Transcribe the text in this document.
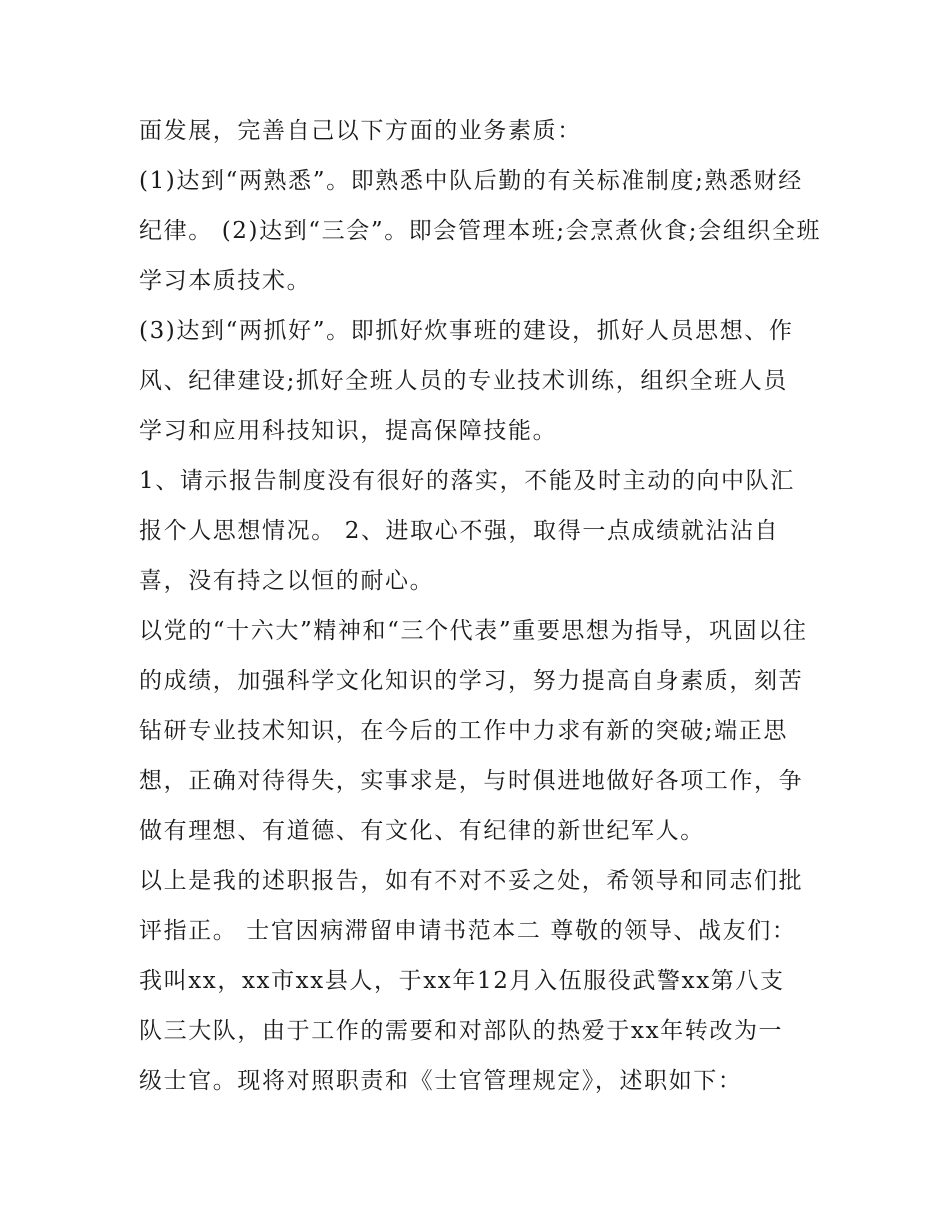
面发展，完善自己以下方面的业务素质：
(1)达到“两熟悉”。即熟悉中队后勤的有关标准制度;熟悉财经
纪律。 (2)达到“三会”。即会管理本班;会烹煮伙食;会组织全班
学习本质技术。
(3)达到“两抓好”。即抓好炊事班的建设，抓好人员思想、作
风、纪律建设;抓好全班人员的专业技术训练，组织全班人员
学习和应用科技知识，提高保障技能。
1、请示报告制度没有很好的落实，不能及时主动的向中队汇
报个人思想情况。 2、进取心不强，取得一点成绩就沾沾自
喜，没有持之以恒的耐心。
以党的“十六大”精神和“三个代表”重要思想为指导，巩固以往
的成绩，加强科学文化知识的学习，努力提高自身素质，刻苦
钻研专业技术知识，在今后的工作中力求有新的突破;端正思
想，正确对待得失，实事求是，与时俱进地做好各项工作，争
做有理想、有道德、有文化、有纪律的新世纪军人。
以上是我的述职报告，如有不对不妥之处，希领导和同志们批
评指正。 士官因病滞留申请书范本二 尊敬的领导、战友们：
我叫xx，xx市xx县人，于xx年12月入伍服役武警xx第八支
队三大队，由于工作的需要和对部队的热爱于xx年转改为一
级士官。现将对照职责和《士官管理规定》，述职如下：
